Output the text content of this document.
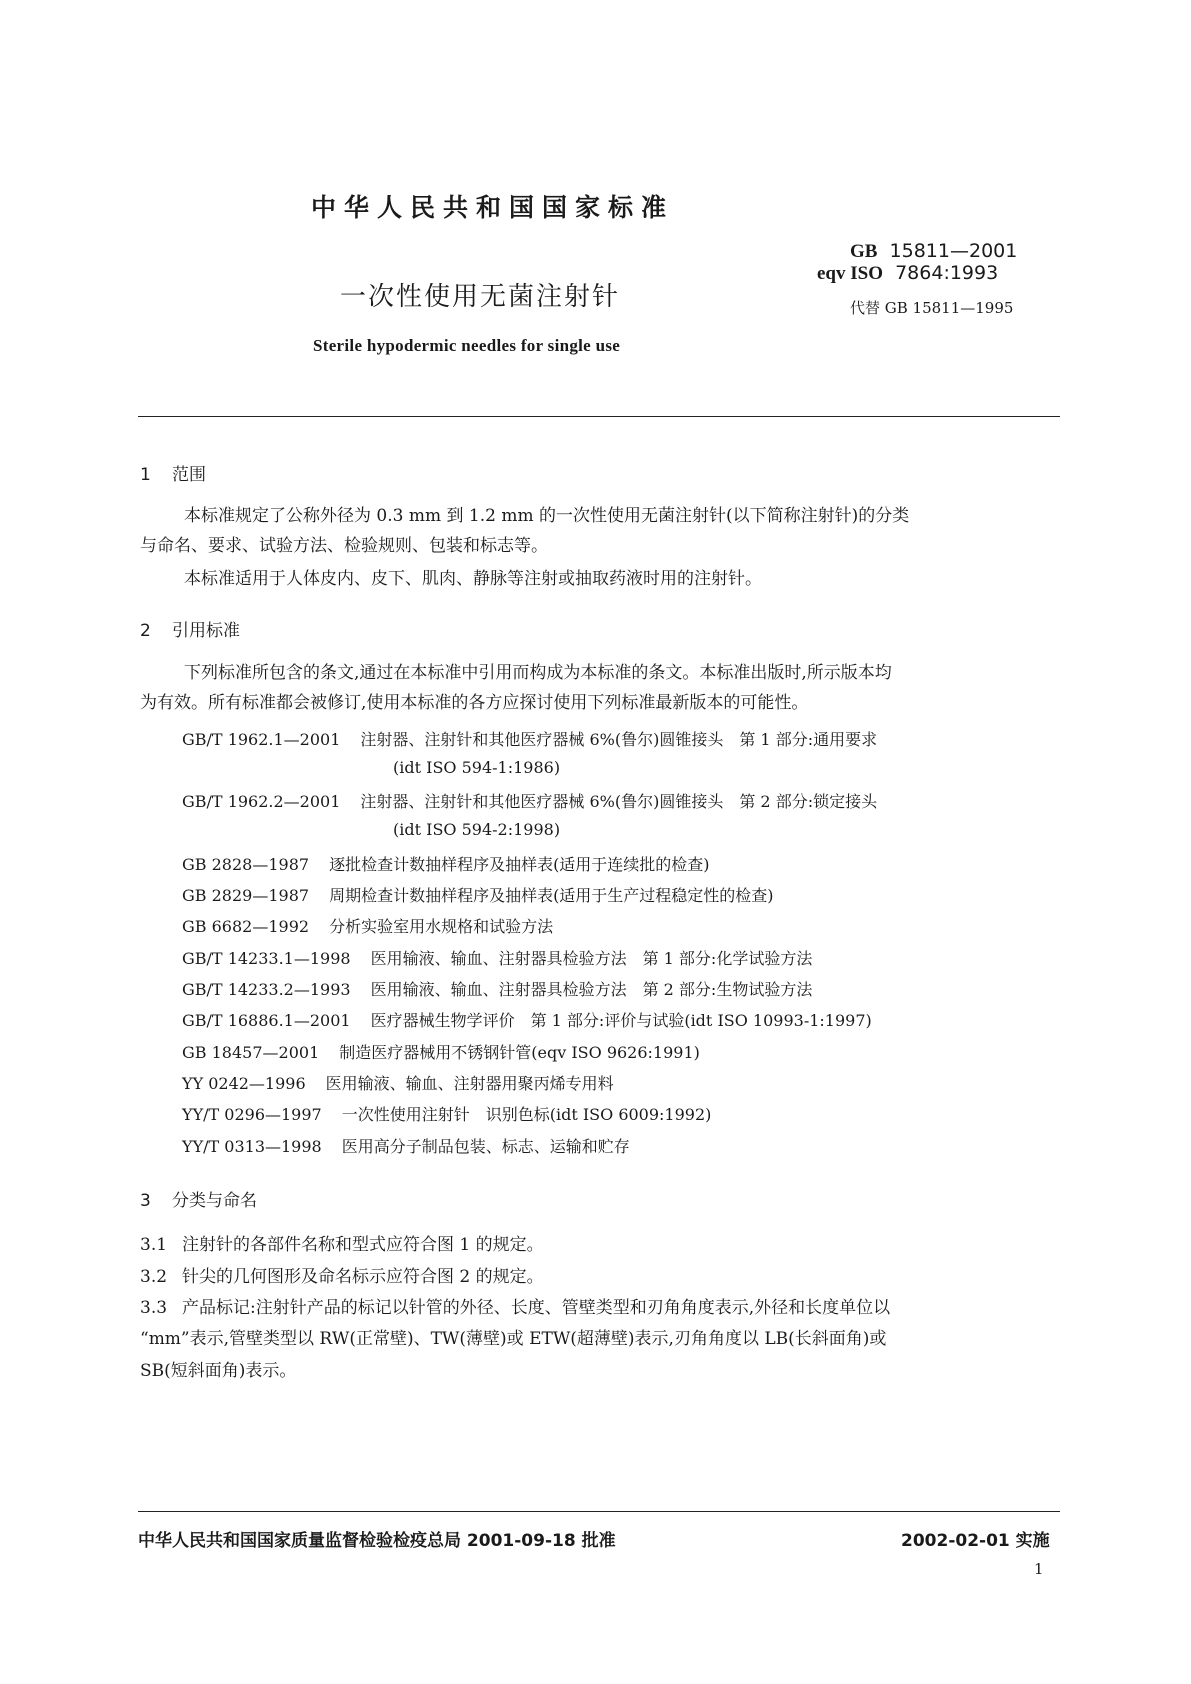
中华人民共和国国家标准
一次性使用无菌注射针
Sterile hypodermic needles for single use
GB 15811—2001
eqv ISO 7864:1993
代替 GB 15811—1995
1 范围
本标准规定了公称外径为 0.3 mm 到 1.2 mm 的一次性使用无菌注射针(以下简称注射针)的分类
与命名、要求、试验方法、检验规则、包装和标志等。
本标准适用于人体皮内、皮下、肌肉、静脉等注射或抽取药液时用的注射针。
2 引用标准
下列标准所包含的条文,通过在本标准中引用而构成为本标准的条文。本标准出版时,所示版本均
为有效。所有标准都会被修订,使用本标准的各方应探讨使用下列标准最新版本的可能性。
GB/T 1962.1—2001 注射器、注射针和其他医疗器械 6%(鲁尔)圆锥接头　第 1 部分:通用要求
(idt ISO 594-1:1986)
GB/T 1962.2—2001 注射器、注射针和其他医疗器械 6%(鲁尔)圆锥接头　第 2 部分:锁定接头
(idt ISO 594-2:1998)
GB 2828—1987 逐批检查计数抽样程序及抽样表(适用于连续批的检查)
GB 2829—1987 周期检查计数抽样程序及抽样表(适用于生产过程稳定性的检查)
GB 6682—1992 分析实验室用水规格和试验方法
GB/T 14233.1—1998 医用输液、输血、注射器具检验方法　第 1 部分:化学试验方法
GB/T 14233.2—1993 医用输液、输血、注射器具检验方法　第 2 部分:生物试验方法
GB/T 16886.1—2001 医疗器械生物学评价　第 1 部分:评价与试验(idt ISO 10993-1:1997)
GB 18457—2001 制造医疗器械用不锈钢针管(eqv ISO 9626:1991)
YY 0242—1996 医用输液、输血、注射器用聚丙烯专用料
YY/T 0296—1997 一次性使用注射针　识别色标(idt ISO 6009:1992)
YY/T 0313—1998 医用高分子制品包装、标志、运输和贮存
3 分类与命名
3.1 注射针的各部件名称和型式应符合图 1 的规定。
3.2 针尖的几何图形及命名标示应符合图 2 的规定。
3.3 产品标记:注射针产品的标记以针管的外径、长度、管壁类型和刃角角度表示,外径和长度单位以
“mm”表示,管壁类型以 RW(正常壁)、TW(薄壁)或 ETW(超薄壁)表示,刃角角度以 LB(长斜面角)或
SB(短斜面角)表示。
中华人民共和国国家质量监督检验检疫总局 2001-09-18 批准	2002-02-01 实施
1
